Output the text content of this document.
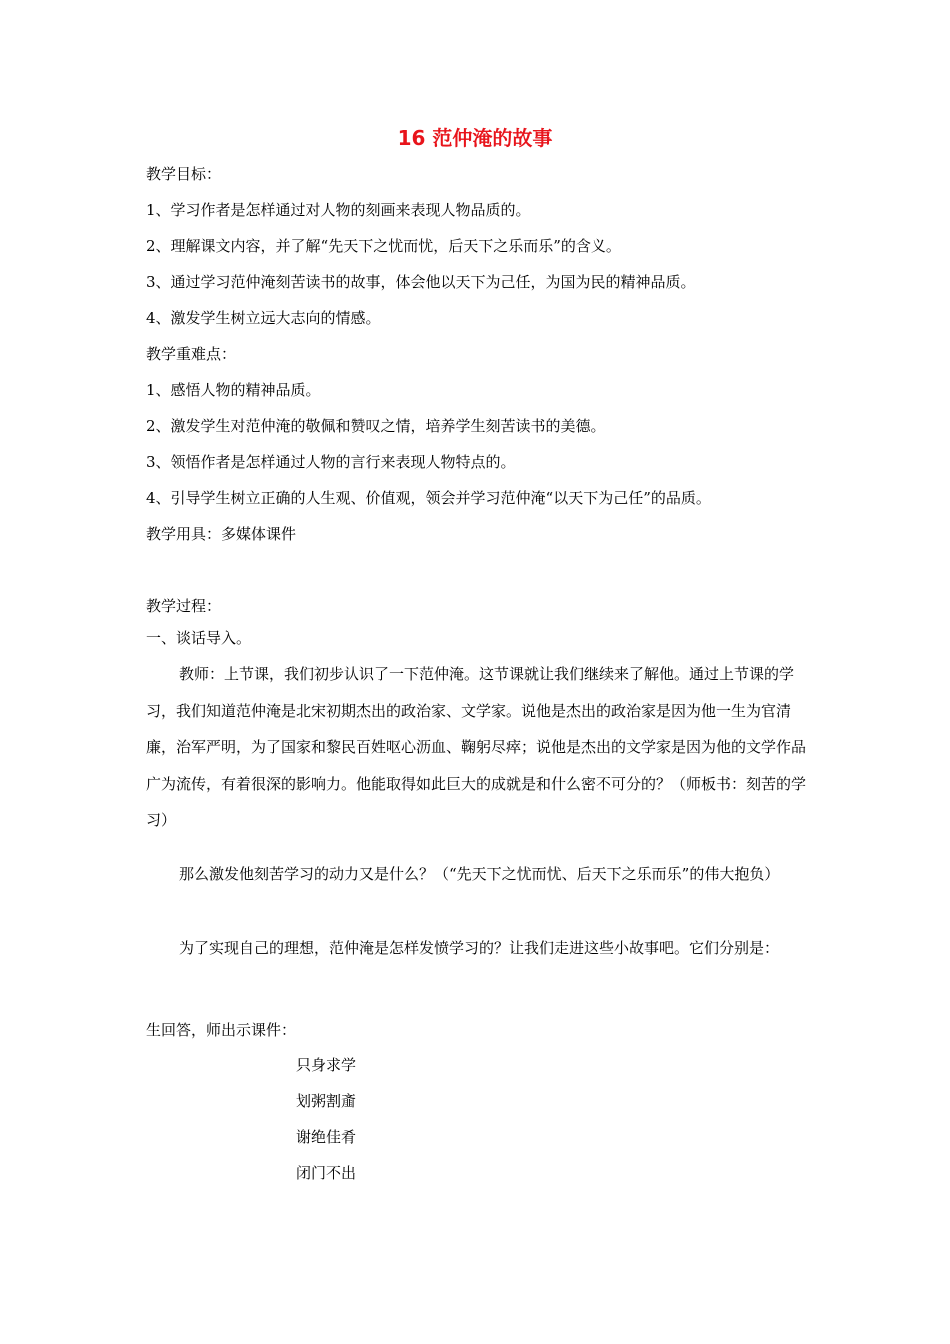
16 范仲淹的故事
教学目标：
1、学习作者是怎样通过对人物的刻画来表现人物品质的。
2、理解课文内容，并了解“先天下之忧而忧，后天下之乐而乐”的含义。
3、通过学习范仲淹刻苦读书的故事，体会他以天下为己任，为国为民的精神品质。
4、激发学生树立远大志向的情感。
教学重难点：
1、感悟人物的精神品质。
2、激发学生对范仲淹的敬佩和赞叹之情，培养学生刻苦读书的美德。
3、领悟作者是怎样通过人物的言行来表现人物特点的。
4、引导学生树立正确的人生观、价值观，领会并学习范仲淹“以天下为己任”的品质。
教学用具：多媒体课件
教学过程：
一、谈话导入。

教师：上节课，我们初步认识了一下范仲淹。这节课就让我们继续来了解他。通过上节课的学习，我们知道范仲淹是北宋初期杰出的政治家、文学家。说他是杰出的政治家是因为他一生为官清廉，治军严明，为了国家和黎民百姓呕心沥血、鞠躬尽瘁；说他是杰出的文学家是因为他的文学作品广为流传，有着很深的影响力。他能取得如此巨大的成就是和什么密不可分的？（师板书：刻苦的学习）

那么激发他刻苦学习的动力又是什么？（“先天下之忧而忧、后天下之乐而乐”的伟大抱负）

为了实现自己的理想，范仲淹是怎样发愤学习的？让我们走进这些小故事吧。它们分别是：

生回答，师出示课件：
只身求学
划粥割齑
谢绝佳肴
闭门不出
